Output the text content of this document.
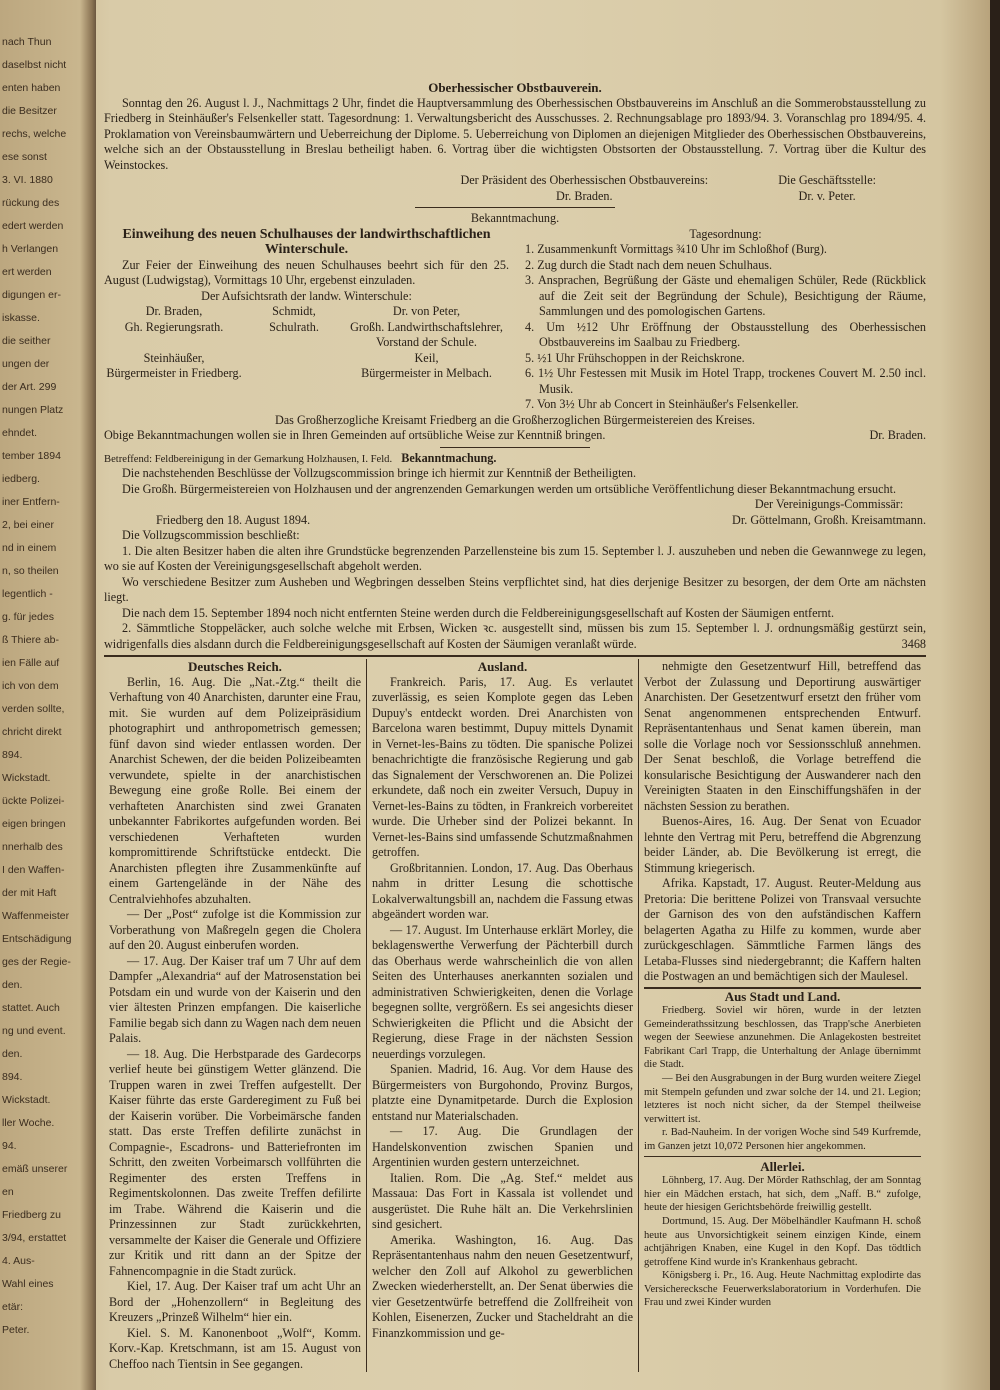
nach Thun
daselbst nicht
enten haben
die Besitzer
rechs, welche
ese sonst
3. VI. 1880
rückung des
edert werden
h Verlangen
ert werden
digungen er-
iskasse.
die seither
ungen der
der Art. 299
nungen Platz
ehndet.
tember 1894
iedberg.
iner Entfern-
2, bei einer
nd in einem
n, so theilen
legentlich -
g. für jedes
ß Thiere ab-
ien Fälle auf
ich von dem
verden sollte,
chricht direkt
894.
Wickstadt.
ückte Polizei-
eigen bringen
nnerhalb des
I den Waffen-
der mit Haft
Waffenmeister
Entschädigung
ges der Regie-
den.
stattet. Auch
ng und event.
den.
894.
Wickstadt.
ller Woche.
94.
emäß unserer
en
Friedberg zu
3/94, erstattet
4. Aus-
Wahl eines
etär:
Peter.

Oberhessischer Obstbauverein.

Sonntag den 26. August l. J., Nachmittags 2 Uhr, findet die Hauptversammlung des Oberhessischen Obstbauvereins im Anschluß an die Sommerobstausstellung zu Friedberg in Steinhäußer's Felsenkeller statt. Tagesordnung: 1. Verwaltungsbericht des Ausschusses. 2. Rechnungsablage pro 1893/94. 3. Voranschlag pro 1894/95. 4. Proklamation von Vereinsbaumwärtern und Ueberreichung der Diplome. 5. Ueberreichung von Diplomen an diejenigen Mitglieder des Oberhessischen Obstbauvereins, welche sich an der Obstausstellung in Breslau betheiligt haben. 6. Vortrag über die wichtigsten Obstsorten der Obstausstellung. 7. Vortrag über die Kultur des Weinstockes.

Der Präsident des Oberhessischen Obstbauvereins:
Dr. Braden.
Die Geschäftsstelle:
Dr. v. Peter.
Bekanntmachung.

Einweihung des neuen Schulhauses der landwirthschaftlichen Winterschule.

Zur Feier der Einweihung des neuen Schulhauses beehrt sich für den 25. August (Ludwigstag), Vormittags 10 Uhr, ergebenst einzuladen.

Der Aufsichtsrath der landw. Winterschule:

Dr. Braden,	Schmidt,	Dr. von Peter,
Gh. Regierungsrath.	Schulrath.	Großh. Landwirthschaftslehrer,
Vorstand der Schule.
Steinhäußer,	Keil,
Bürgermeister in Friedberg.	Bürgermeister in Melbach.

Tagesordnung:

1. Zusammenkunft Vormittags ¾10 Uhr im Schloßhof (Burg).

2. Zug durch die Stadt nach dem neuen Schulhaus.

3. Ansprachen, Begrüßung der Gäste und ehemaligen Schüler, Rede (Rückblick auf die Zeit seit der Begründung der Schule), Besichtigung der Räume, Sammlungen und des pomologischen Gartens.

4. Um ½12 Uhr Eröffnung der Obstausstellung des Oberhessischen Obstbauvereins im Saalbau zu Friedberg.

5. ½1 Uhr Frühschoppen in der Reichskrone.

6. 1½ Uhr Festessen mit Musik im Hotel Trapp, trockenes Couvert M. 2.50 incl. Musik.

7. Von 3½ Uhr ab Concert in Steinhäußer's Felsenkeller.

Das Großherzogliche Kreisamt Friedberg an die Großherzoglichen Bürgermeistereien des Kreises.

Obige Bekanntmachungen wollen sie in Ihren Gemeinden auf ortsübliche Weise zur Kenntniß bringen.	Dr. Braden.
Betreffend: Feldbereinigung in der Gemarkung Holzhausen, I. Feld. Bekanntmachung.

Die nachstehenden Beschlüsse der Vollzugscommission bringe ich hiermit zur Kenntniß der Betheiligten.

Die Großh. Bürgermeistereien von Holzhausen und der angrenzenden Gemarkungen werden um ortsübliche Veröffentlichung dieser Bekanntmachung ersucht.

Friedberg den 18. August 1894.
Der Vereinigungs-Commissär:
Dr. Göttelmann, Großh. Kreisamtmann.

Die Vollzugscommission beschließt:

1. Die alten Besitzer haben die alten ihre Grundstücke begrenzenden Parzellensteine bis zum 15. September l. J. auszuheben und neben die Gewannwege zu legen, wo sie auf Kosten der Vereinigungsgesellschaft abgeholt werden.

Wo verschiedene Besitzer zum Ausheben und Wegbringen desselben Steins verpflichtet sind, hat dies derjenige Besitzer zu besorgen, der dem Orte am nächsten liegt.

Die nach dem 15. September 1894 noch nicht entfernten Steine werden durch die Feldbereinigungsgesellschaft auf Kosten der Säumigen entfernt.

2. Sämmtliche Stoppeläcker, auch solche welche mit Erbsen, Wicken ꝛc. ausgestellt sind, müssen bis zum 15. September l. J. ordnungsmäßig gestürzt sein, widrigenfalls dies alsdann durch die Feldbereinigungsgesellschaft auf Kosten der Säumigen veranlaßt würde.	3468

Deutsches Reich.

Berlin, 16. Aug. Die „Nat.-Ztg.“ theilt die Verhaftung von 40 Anarchisten, darunter eine Frau, mit. Sie wurden auf dem Polizeipräsidium photographirt und anthropometrisch gemessen; fünf davon sind wieder entlassen worden. Der Anarchist Schewen, der die beiden Polizeibeamten verwundete, spielte in der anarchistischen Bewegung eine große Rolle. Bei einem der verhafteten Anarchisten sind zwei Granaten unbekannter Fabrikortes aufgefunden worden. Bei verschiedenen Verhafteten wurden kompromittirende Schriftstücke entdeckt. Die Anarchisten pflegten ihre Zusammenkünfte auf einem Gartengelände in der Nähe des Centralviehhofes abzuhalten.

— Der „Post“ zufolge ist die Kommission zur Vorberathung von Maßregeln gegen die Cholera auf den 20. August einberufen worden.

— 17. Aug. Der Kaiser traf um 7 Uhr auf dem Dampfer „Alexandria“ auf der Matrosenstation bei Potsdam ein und wurde von der Kaiserin und den vier ältesten Prinzen empfangen. Die kaiserliche Familie begab sich dann zu Wagen nach dem neuen Palais.

— 18. Aug. Die Herbstparade des Gardecorps verlief heute bei günstigem Wetter glänzend. Die Truppen waren in zwei Treffen aufgestellt. Der Kaiser führte das erste Garderegiment zu Fuß bei der Kaiserin vorüber. Die Vorbeimärsche fanden statt. Das erste Treffen defilirte zunächst in Compagnie-, Escadrons- und Batteriefronten im Schritt, den zweiten Vorbeimarsch vollführten die Regimenter des ersten Treffens in Regimentskolonnen. Das zweite Treffen defilirte im Trabe. Während die Kaiserin und die Prinzessinnen zur Stadt zurückkehrten, versammelte der Kaiser die Generale und Offiziere zur Kritik und ritt dann an der Spitze der Fahnencompagnie in die Stadt zurück.

Kiel, 17. Aug. Der Kaiser traf um acht Uhr an Bord der „Hohenzollern“ in Begleitung des Kreuzers „Prinzeß Wilhelm“ hier ein.

Kiel. S. M. Kanonenboot „Wolf“, Komm. Korv.-Kap. Kretschmann, ist am 15. August von Cheffoo nach Tientsin in See gegangen.

Ausland.

Frankreich. Paris, 17. Aug. Es verlautet zuverlässig, es seien Komplote gegen das Leben Dupuy's entdeckt worden. Drei Anarchisten von Barcelona waren bestimmt, Dupuy mittels Dynamit in Vernet-les-Bains zu tödten. Die spanische Polizei benachrichtigte die französische Regierung und gab das Signalement der Verschworenen an. Die Polizei erkundete, daß noch ein zweiter Versuch, Dupuy in Vernet-les-Bains zu tödten, in Frankreich vorbereitet wurde. Die Urheber sind der Polizei bekannt. In Vernet-les-Bains sind umfassende Schutzmaßnahmen getroffen.

Großbritannien. London, 17. Aug. Das Oberhaus nahm in dritter Lesung die schottische Lokalverwaltungsbill an, nachdem die Fassung etwas abgeändert worden war.

— 17. August. Im Unterhause erklärt Morley, die beklagenswerthe Verwerfung der Pächterbill durch das Oberhaus werde wahrscheinlich die von allen Seiten des Unterhauses anerkannten sozialen und administrativen Schwierigkeiten, denen die Vorlage begegnen sollte, vergrößern. Es sei angesichts dieser Schwierigkeiten die Pflicht und die Absicht der Regierung, diese Frage in der nächsten Session neuerdings vorzulegen.

Spanien. Madrid, 16. Aug. Vor dem Hause des Bürgermeisters von Burgohondo, Provinz Burgos, platzte eine Dynamitpetarde. Durch die Explosion entstand nur Materialschaden.

— 17. Aug. Die Grundlagen der Handelskonvention zwischen Spanien und Argentinien wurden gestern unterzeichnet.

Italien. Rom. Die „Ag. Stef.“ meldet aus Massaua: Das Fort in Kassala ist vollendet und ausgerüstet. Die Ruhe hält an. Die Verkehrslinien sind gesichert.

Amerika. Washington, 16. Aug. Das Repräsentantenhaus nahm den neuen Gesetzentwurf, welcher den Zoll auf Alkohol zu gewerblichen Zwecken wiederherstellt, an. Der Senat überwies die vier Gesetzentwürfe betreffend die Zollfreiheit von Kohlen, Eisenerzen, Zucker und Stacheldraht an die Finanzkommission und ge-

nehmigte den Gesetzentwurf Hill, betreffend das Verbot der Zulassung und Deportirung auswärtiger Anarchisten. Der Gesetzentwurf ersetzt den früher vom Senat angenommenen entsprechenden Entwurf. Repräsentantenhaus und Senat kamen überein, man solle die Vorlage noch vor Sessionsschluß annehmen. Der Senat beschloß, die Vorlage betreffend die konsularische Besichtigung der Auswanderer nach den Vereinigten Staaten in den Einschiffungshäfen in der nächsten Session zu berathen.

Buenos-Aires, 16. Aug. Der Senat von Ecuador lehnte den Vertrag mit Peru, betreffend die Abgrenzung beider Länder, ab. Die Bevölkerung ist erregt, die Stimmung kriegerisch.

Afrika. Kapstadt, 17. August. Reuter-Meldung aus Pretoria: Die berittene Polizei von Transvaal versuchte der Garnison des von den aufständischen Kaffern belagerten Agatha zu Hilfe zu kommen, wurde aber zurückgeschlagen. Sämmtliche Farmen längs des Letaba-Flusses sind niedergebrannt; die Kaffern halten die Postwagen an und bemächtigen sich der Maulesel.

Aus Stadt und Land.

Friedberg. Soviel wir hören, wurde in der letzten Gemeinderathssitzung beschlossen, das Trapp'sche Anerbieten wegen der Seewiese anzunehmen. Die Anlagekosten bestreitet Fabrikant Carl Trapp, die Unterhaltung der Anlage übernimmt die Stadt.

— Bei den Ausgrabungen in der Burg wurden weitere Ziegel mit Stempeln gefunden und zwar solche der 14. und 21. Legion; letzteres ist noch nicht sicher, da der Stempel theilweise verwittert ist.

r. Bad-Nauheim. In der vorigen Woche sind 549 Kurfremde, im Ganzen jetzt 10,072 Personen hier angekommen.

Allerlei.

Löhnberg, 17. Aug. Der Mörder Rathschlag, der am Sonntag hier ein Mädchen erstach, hat sich, dem „Naff. B.“ zufolge, heute der hiesigen Gerichtsbehörde freiwillig gestellt.

Dortmund, 15. Aug. Der Möbelhändler Kaufmann H. schoß heute aus Unvorsichtigkeit seinem einzigen Kinde, einem achtjährigen Knaben, eine Kugel in den Kopf. Das tödtlich getroffene Kind wurde in's Krankenhaus gebracht.

Königsberg i. Pr., 16. Aug. Heute Nachmittag explodirte das Versicherecksche Feuerwerkslaboratorium in Vorderhufen. Die Frau und zwei Kinder wurden
